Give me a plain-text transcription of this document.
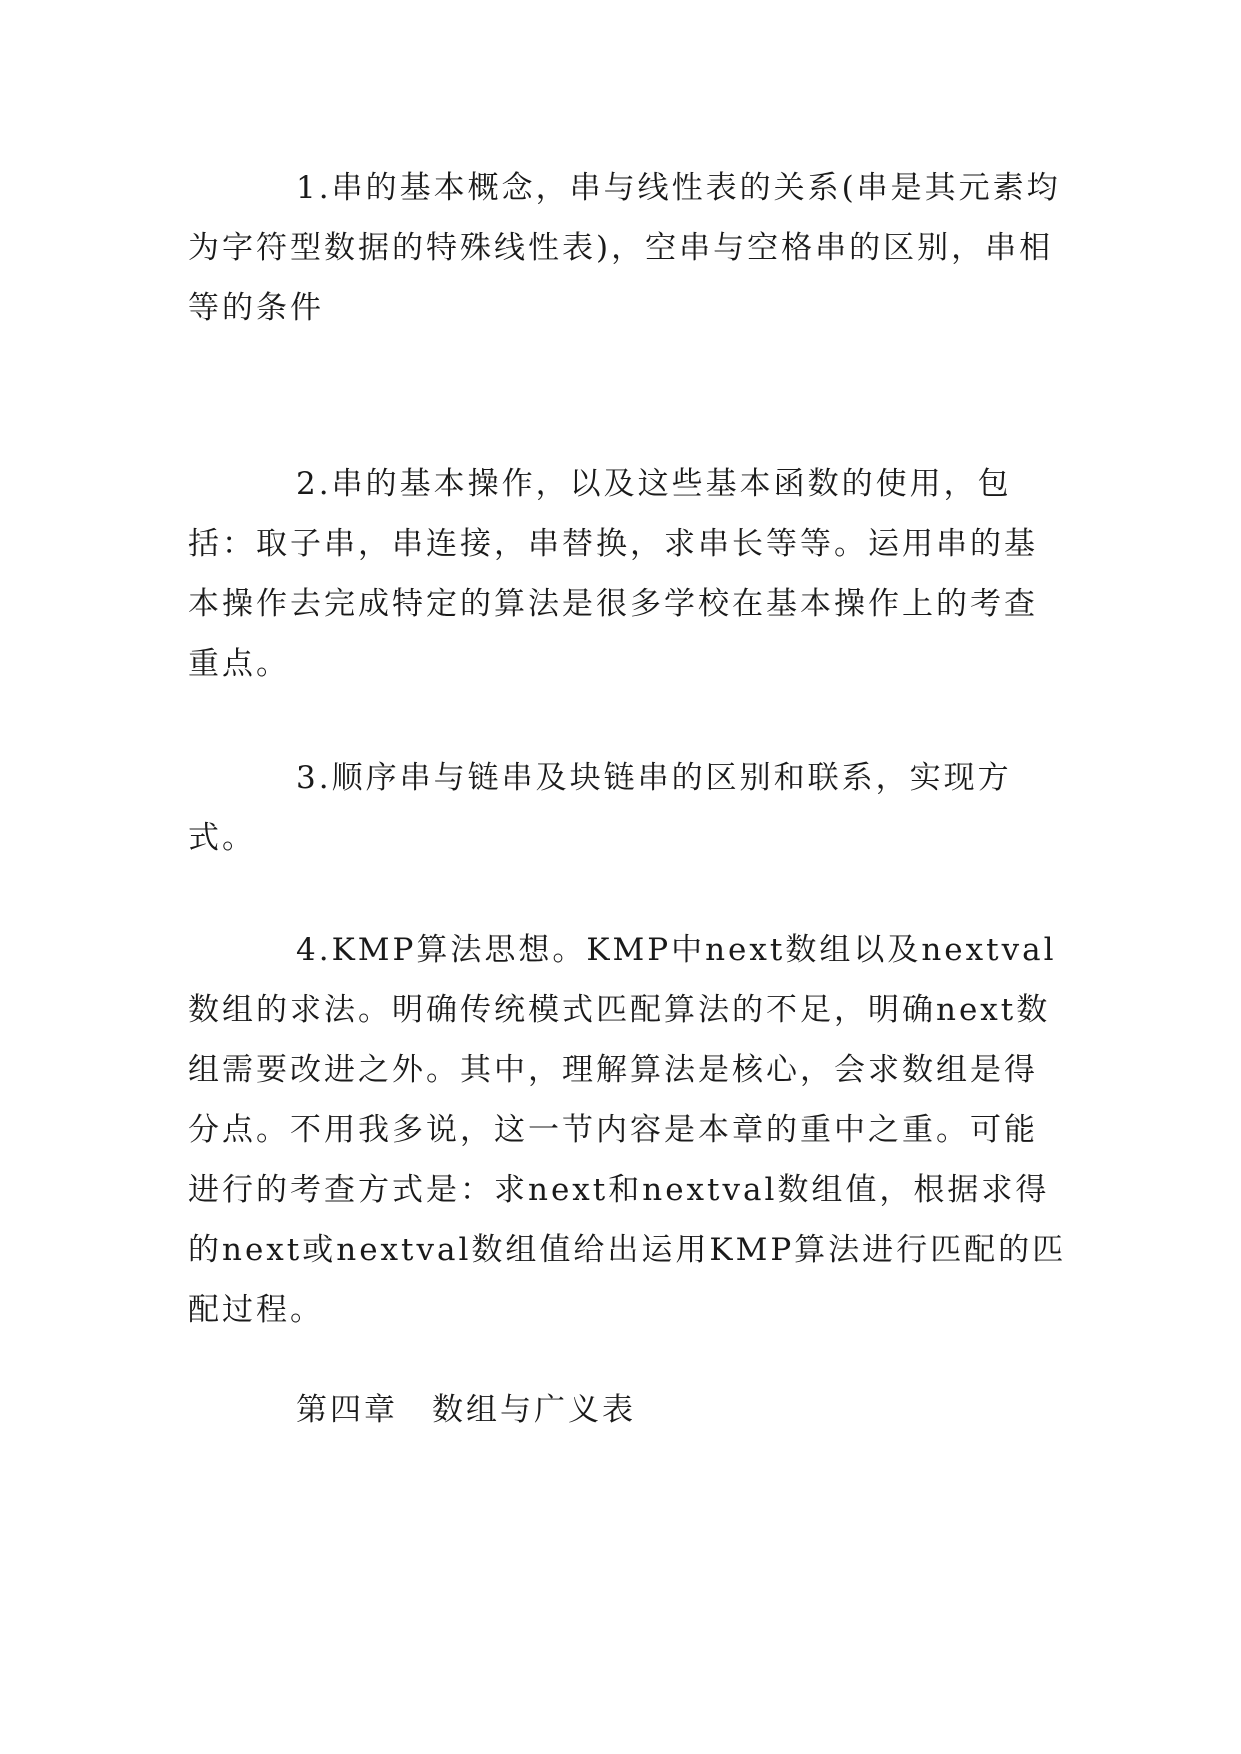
1.串的基本概念，串与线性表的关系(串是其元素均为字符型数据的特殊线性表)，空串与空格串的区别，串相等的条件

2.串的基本操作，以及这些基本函数的使用，包括：取子串，串连接，串替换，求串长等等。运用串的基本操作去完成特定的算法是很多学校在基本操作上的考查重点。

3.顺序串与链串及块链串的区别和联系，实现方式。

4.KMP算法思想。KMP中next数组以及nextval数组的求法。明确传统模式匹配算法的不足，明确next数组需要改进之外。其中，理解算法是核心，会求数组是得分点。不用我多说，这一节内容是本章的重中之重。可能进行的考查方式是：求next和nextval数组值，根据求得的next或nextval数组值给出运用KMP算法进行匹配的匹配过程。

第四章　数组与广义表
